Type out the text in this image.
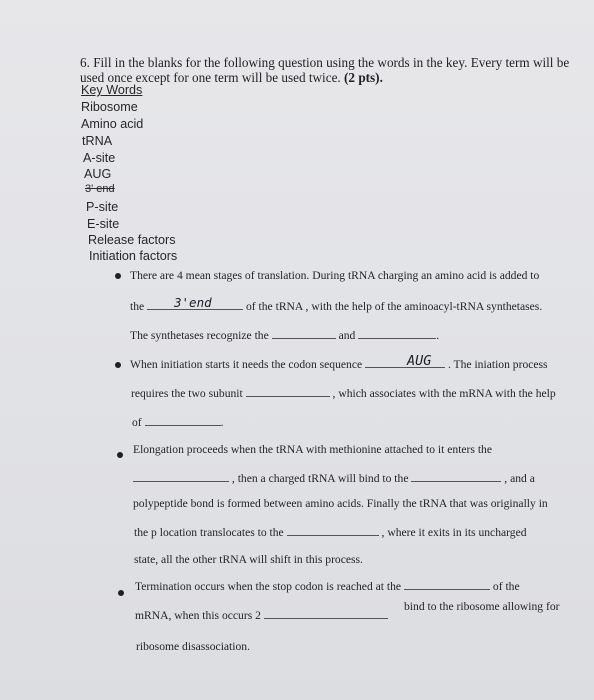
6. Fill in the blanks for the following question using the words in the key. Every term will be used once except for one term will be used twice. (2 pts).
Key Words
Ribosome
Amino acid
tRNA
A-site
AUG
3' end
P-site
E-site
Release factors
Initiation factors
There are 4 mean stages of translation. During tRNA charging an amino acid is added to
the	of the tRNA , with the help of the aminoacyl-tRNA synthetases.
3'end
The synthetases recognize the	and	.
When initiation starts it needs the codon sequence	. The iniation process
AUG
requires the two subunit	, which associates with the mRNA with the help
of	.
Elongation proceeds when the tRNA with methionine attached to it enters the
, then a charged tRNA will bind to the	, and a
polypeptide bond is formed between amino acids. Finally the tRNA that was originally in
the p location translocates to the	, where it exits in its uncharged
state, all the other tRNA will shift in this process.
Termination occurs when the stop codon is reached at the	of the
mRNA, when this occurs 2
bind to the ribosome allowing for
ribosome disassociation.
